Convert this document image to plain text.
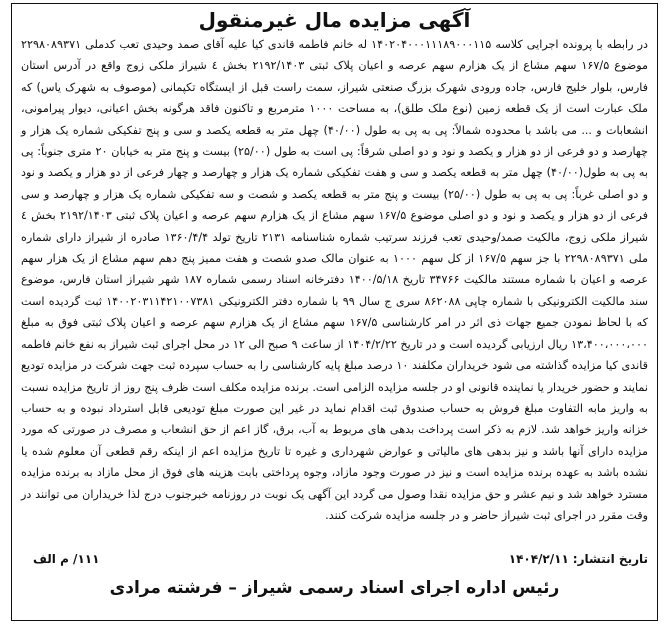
آگهی مزایده مال غیرمنقول
در رابطه با پرونده اجرایی کلاسه ۱۴۰۲۰۴۰۰۰۱۱۱۸۹۰۰۰۱۱۵ له خانم فاطمه قاندی کیا علیه آقای صمد وحیدی تعب کدملی ۲۲۹۸۰۸۹۳۷۱ موضوع ۱۶۷/۵ سهم مشاع از یک هزارم سهم عرصه و اعیان پلاک ثبتی ۲۱۹۲/۱۴۰۳ بخش ٤ شیراز ملکی زوج واقع در آدرس استان فارس، بلوار خلیج فارس، جاده ورودی شهرک بزرگ صنعتی شیراز، سمت راست قبل از ایستگاه تکپمانی (موصوف به شهرک یاس) که ملک عبارت است از یک قطعه زمین (نوع ملک طلق)، به مساحت ۱۰۰۰ مترمربع و تاکنون فاقد هرگونه بخش اعیانی، دیوار پیرامونی، انشعابات و ... می باشد با محدوده شمالاً: پی به پی به طول (۴۰/۰۰) چهل متر به قطعه یکصد و سی و پنج تفکیکی شماره یک هزار و چهارصد و دو فرعی از دو هزار و یکصد و نود و دو اصلی شرقاً: پی است به طول (۲۵/۰۰) بیست و پنج متر به خیابان ۲۰ متری جنوباً: پی به پی به طول(۴۰/۰۰) چهل متر به قطعه یکصد و سی و هفت تفکیکی شماره یک هزار و چهارصد و چهار فرعی از دو هزار و یکصد و نود و دو اصلی غرباً: پی به پی به طول (۲۵/۰۰) بیست و پنج متر به قطعه یکصد و شصت و سه تفکیکی شماره یک هزار و چهارصد و سی فرعی از دو هزار و یکصد و نود و دو اصلی موضوع ۱۶۷/۵ سهم مشاع از یک هزارم سهم عرصه و اعیان پلاک ثبتی ۲۱۹۲/۱۴۰۳ بخش ٤ شیراز ملکی زوج، مالکیت صمد/وحیدی تعب فرزند سرتیب شماره شناسنامه ۲۱۳۱ تاریخ تولد ۱۳۶۰/۴/۴ صادره از شیراز دارای شماره ملی ۲۲۹۸۰۸۹۳۷۱ با جز سهم ۱۶۷/۵ از کل سهم ۱۰۰۰ به عنوان مالک صدو شصت و هفت ممیز پنج دهم سهم مشاع از یک هزار سهم عرصه و اعیان با شماره مستند مالکیت ۳۴۷۶۶ تاریخ ۱۴۰۰/۵/۱۸ دفترخانه اسناد رسمی شماره ۱۸۷ شهر شیراز استان فارس، موضوع سند مالکیت الکترونیکی با شماره چاپی ۸۶۲۰۸۸ سری ج سال ۹۹ با شماره دفتر الکترونیکی ۱۴۰۰۲۰۳۱۱۴۲۱۰۰۷۳۸۱ ثبت گردیده است که با لحاظ نمودن جمیع جهات ذی اثر در امر کارشناسی ۱۶۷/۵ سهم مشاع از یک هزارم سهم عرصه و اعیان پلاک ثبتی فوق به مبلغ ۱۳،۴۰۰،۰۰۰،۰۰۰ ریال ارزیابی گردیده است و در تاریخ ۱۴۰۴/۲/۲۲ از ساعت ۹ صبح الی ۱۲ در محل اجرای ثبت شیراز به نفع خانم فاطمه قاندی کیا مزایده گذاشته می شود خریداران مکلفند ۱۰ درصد مبلغ پایه کارشناسی را به حساب سپرده ثبت جهت شرکت در مزایده تودیع نمایند و حضور خریدار یا نماینده قانونی او در جلسه مزایده الزامی است. برنده مزایده مکلف است ظرف پنج روز از تاریخ مزایده نسبت به واریز مابه التفاوت مبلغ فروش به حساب صندوق ثبت اقدام نماید در غیر این صورت مبلغ تودیعی قابل استرداد نبوده و به حساب خزانه واریز خواهد شد. لازم به ذکر است پرداخت بدهی های مربوط به آب، برق، گاز اعم از حق انشعاب و مصرف در صورتی که مورد مزایده دارای آنها باشد و نیز بدهی های مالیاتی و عوارض شهرداری و غیره تا تاریخ مزایده اعم از اینکه رقم قطعی آن معلوم شده یا نشده باشد به عهده برنده مزایده است و نیز در صورت وجود مازاد، وجوه پرداختی بابت هزینه های فوق از محل مازاد به برنده مزایده مسترد خواهد شد و نیم عشر و حق مزایده نقدا وصول می گردد این آگهی یک نوبت در روزنامه خبرجنوب درج لذا خریداران می توانند در وقت مقرر در اجرای ثبت شیراز حاضر و در جلسه مزایده شرکت کنند.
تاریخ انتشار:۱۴۰۴/۲/۱۱
۱۱۱/ م الف
رئیس اداره اجرای اسناد رسمی شیراز – فرشته مرادی
